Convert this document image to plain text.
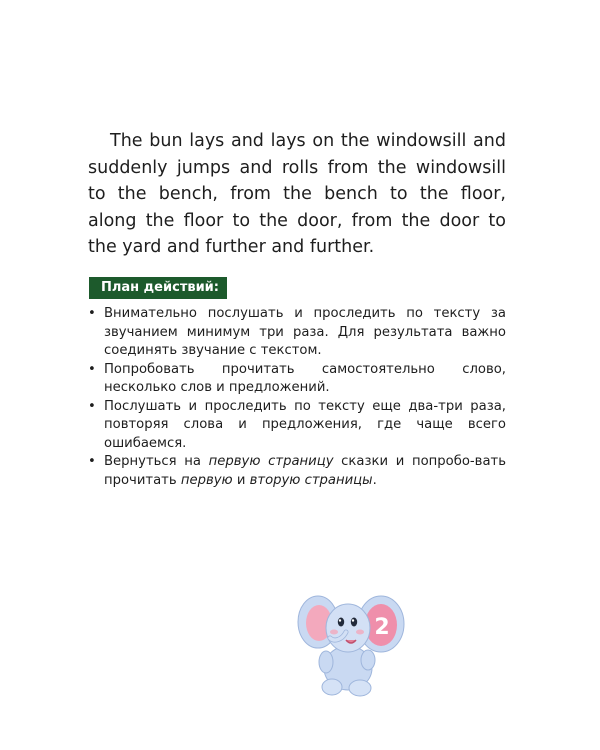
The bun lays and lays on the windowsill and suddenly jumps and rolls from the windowsill to the bench, from the bench to the floor, along the floor to the door, from the door to the yard and further and further.

План действий:
• Внимательно послушать и проследить по тексту за звучанием минимум три раза. Для результата важно соединять звучание с текстом.
• Попробовать прочитать самостоятельно слово, несколько слов и предложений.
• Послушать и проследить по тексту еще два-три раза, повторяя слова и предложения, где чаще всего ошибаемся.
• Вернуться на первую страницу сказки и попробо-вать прочитать первую и вторую страницы.
2
